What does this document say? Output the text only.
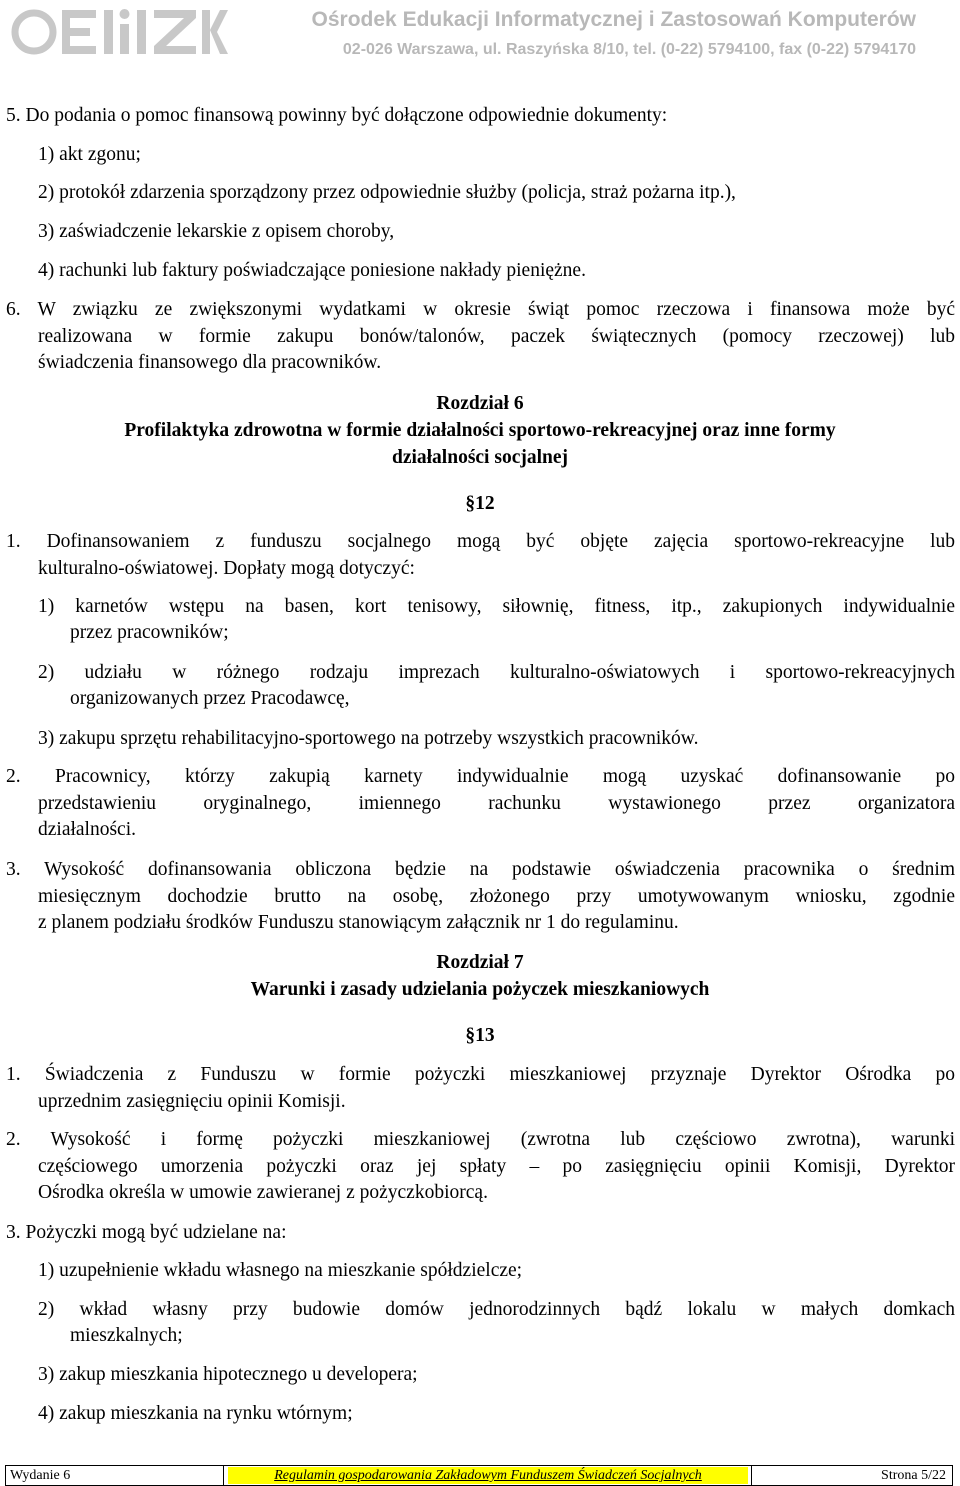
Ośrodek Edukacji Informatycznej i Zastosowań Komputerów
02-026 Warszawa, ul. Raszyńska 8/10, tel. (0-22) 5794100, fax (0-22) 5794170
5. Do podania o pomoc finansową powinny być dołączone odpowiednie dokumenty:
1) akt zgonu;
2) protokół zdarzenia sporządzony przez odpowiednie służby (policja, straż pożarna itp.),
3) zaświadczenie lekarskie z opisem choroby,
4) rachunki lub faktury poświadczające poniesione nakłady pieniężne.
6. W związku ze zwiększonymi wydatkami w okresie świąt pomoc rzeczowa i finansowa może być
realizowana w formie zakupu bonów/talonów, paczek świątecznych (pomocy rzeczowej) lub
świadczenia finansowego dla pracowników.
Rozdział 6
Profilaktyka zdrowotna w formie działalności sportowo-rekreacyjnej oraz inne formy
działalności socjalnej
§12
1. Dofinansowaniem z funduszu socjalnego mogą być objęte zajęcia sportowo-rekreacyjne lub
kulturalno-oświatowej. Dopłaty mogą dotyczyć:
1) karnetów wstępu na basen, kort tenisowy, siłownię, fitness, itp., zakupionych indywidualnie
przez pracowników;
2) udziału w różnego rodzaju imprezach kulturalno-oświatowych i sportowo-rekreacyjnych
organizowanych przez Pracodawcę,
3) zakupu sprzętu rehabilitacyjno-sportowego na potrzeby wszystkich pracowników.
2. Pracownicy, którzy zakupią karnety indywidualnie mogą uzyskać dofinansowanie po
przedstawieniu oryginalnego, imiennego rachunku wystawionego przez organizatora
działalności.
3. Wysokość dofinansowania obliczona będzie na podstawie oświadczenia pracownika o średnim
miesięcznym dochodzie brutto na osobę, złożonego przy umotywowanym wniosku, zgodnie
z planem podziału środków Funduszu stanowiącym załącznik nr 1 do regulaminu.
Rozdział 7
Warunki i zasady udzielania pożyczek mieszkaniowych
§13
1. Świadczenia z Funduszu w formie pożyczki mieszkaniowej przyznaje Dyrektor Ośrodka po
uprzednim zasięgnięciu opinii Komisji.
2. Wysokość i formę pożyczki mieszkaniowej (zwrotna lub częściowo zwrotna), warunki
częściowego umorzenia pożyczki oraz jej spłaty – po zasięgnięciu opinii Komisji, Dyrektor
Ośrodka określa w umowie zawieranej z pożyczkobiorcą.
3. Pożyczki mogą być udzielane na:
1) uzupełnienie wkładu własnego na mieszkanie spółdzielcze;
2) wkład własny przy budowie domów jednorodzinnych bądź lokalu w małych domkach
mieszkalnych;
3) zakup mieszkania hipotecznego u developera;
4) zakup mieszkania na rynku wtórnym;
Wydanie 6	Regulamin gospodarowania Zakładowym Funduszem Świadczeń Socjalnych	Strona 5/22
